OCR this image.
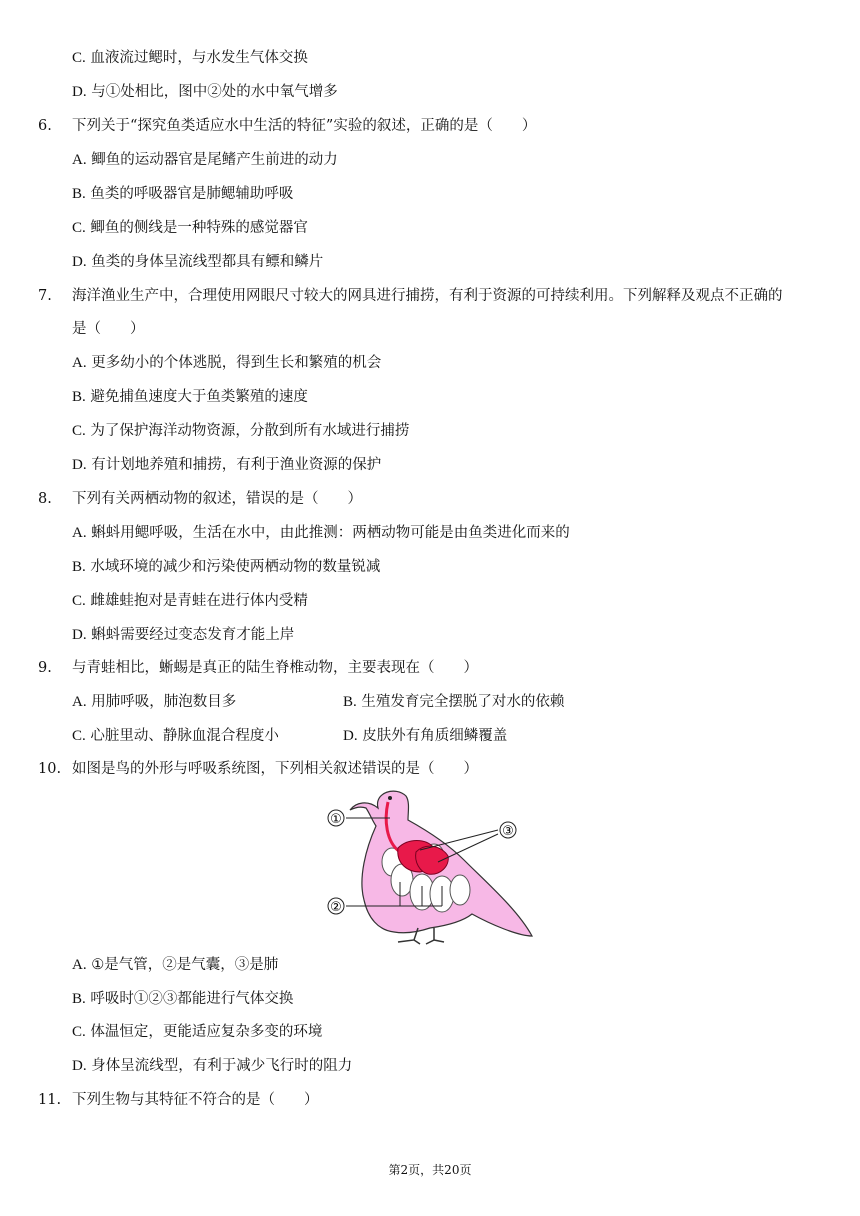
C. 血液流过鳃时，与水发生气体交换
D. 与①处相比，图中②处的水中氧气增多
6. 下列关于“探究鱼类适应水中生活的特征”实验的叙述，正确的是（　　）
A. 鲫鱼的运动器官是尾鳍产生前进的动力
B. 鱼类的呼吸器官是肺鳃辅助呼吸
C. 鲫鱼的侧线是一种特殊的感觉器官
D. 鱼类的身体呈流线型都具有鳔和鳞片
7. 海洋渔业生产中，合理使用网眼尺寸较大的网具进行捕捞，有利于资源的可持续利用。下列解释及观点不正确的
是（　　）
A. 更多幼小的个体逃脱，得到生长和繁殖的机会
B. 避免捕鱼速度大于鱼类繁殖的速度
C. 为了保护海洋动物资源，分散到所有水域进行捕捞
D. 有计划地养殖和捕捞，有利于渔业资源的保护
8. 下列有关两栖动物的叙述，错误的是（　　）
A. 蝌蚪用鳃呼吸，生活在水中，由此推测：两栖动物可能是由鱼类进化而来的
B. 水域环境的减少和污染使两栖动物的数量锐减
C. 雌雄蛙抱对是青蛙在进行体内受精
D. 蝌蚪需要经过变态发育才能上岸
9. 与青蛙相比，蜥蜴是真正的陆生脊椎动物，主要表现在（　　）
A. 用肺呼吸，肺泡数目多	B. 生殖发育完全摆脱了对水的依赖
C. 心脏里动、静脉血混合程度小	D. 皮肤外有角质细鳞覆盖
10. 如图是鸟的外形与呼吸系统图，下列相关叙述错误的是（　　）
①
②
③
A. ①是气管，②是气囊，③是肺
B. 呼吸时①②③都能进行气体交换
C. 体温恒定，更能适应复杂多变的环境
D. 身体呈流线型，有利于减少飞行时的阻力
11. 下列生物与其特征不符合的是（　　）
第2页，共20页
